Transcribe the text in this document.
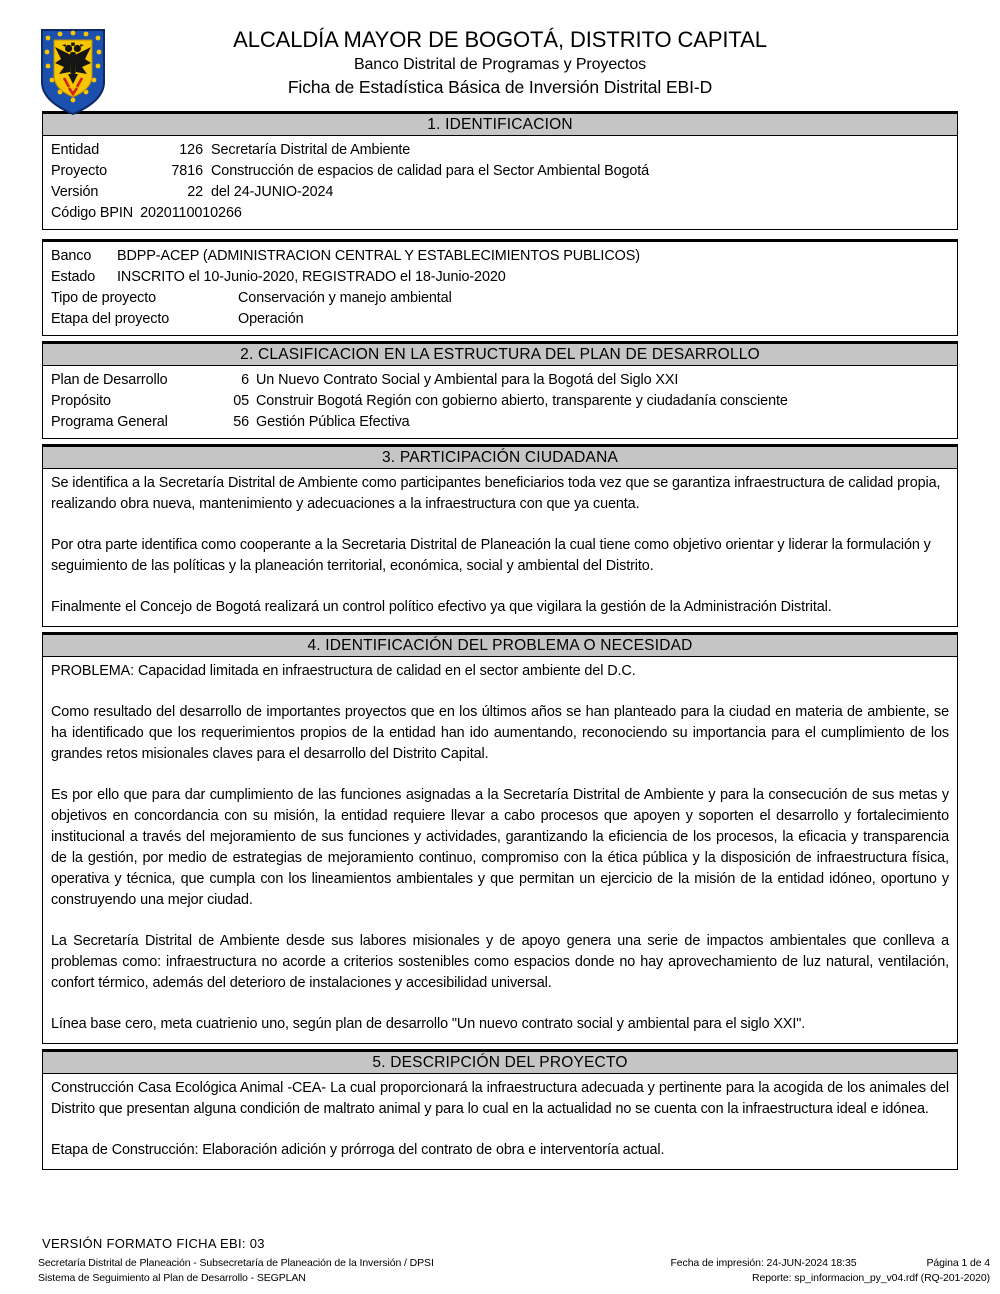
ALCALDÍA MAYOR DE BOGOTÁ, DISTRITO CAPITAL
Banco Distrital de Programas y Proyectos
Ficha de Estadística Básica de Inversión Distrital EBI-D
1. IDENTIFICACION
Entidad	126 Secretaría Distrital de Ambiente
Proyecto	7816 Construcción de espacios de calidad para el Sector Ambiental Bogotá
Versión	22 del 24-JUNIO-2024
Código BPIN 2020110010266
Banco	BDPP-ACEP (ADMINISTRACION CENTRAL Y ESTABLECIMIENTOS PUBLICOS)
Estado	INSCRITO el 10-Junio-2020, REGISTRADO el 18-Junio-2020
Tipo de proyecto	Conservación y manejo ambiental
Etapa del proyecto	Operación
2. CLASIFICACION EN LA ESTRUCTURA DEL PLAN DE DESARROLLO
Plan de Desarrollo	6 Un Nuevo Contrato Social y Ambiental para la Bogotá del Siglo XXI
Propósito	05 Construir Bogotá Región con gobierno abierto, transparente y ciudadanía consciente
Programa General	56 Gestión Pública Efectiva
3. PARTICIPACIÓN CIUDADANA

Se identifica a la Secretaría Distrital de Ambiente como participantes beneficiarios toda vez que se garantiza infraestructura de calidad propia, realizando obra nueva, mantenimiento y adecuaciones a la infraestructura con que ya cuenta.

Por otra parte identifica como cooperante a la Secretaria Distrital de Planeación la cual tiene como objetivo orientar y liderar la formulación y seguimiento de las políticas y la planeación territorial, económica, social y ambiental del Distrito.

Finalmente el Concejo de Bogotá realizará un control político efectivo ya que vigilara la gestión de la Administración Distrital.

4. IDENTIFICACIÓN DEL PROBLEMA O NECESIDAD

PROBLEMA: Capacidad limitada en infraestructura de calidad en el sector ambiente del D.C.

Como resultado del desarrollo de importantes proyectos que en los últimos años se han planteado para la ciudad en materia de ambiente, se ha identificado que los requerimientos propios de la entidad han ido aumentando, reconociendo su importancia para el cumplimiento de los grandes retos misionales claves para el desarrollo del Distrito Capital.

Es por ello que para dar cumplimiento de las funciones asignadas a la Secretaría Distrital de Ambiente y para la consecución de sus metas y objetivos en concordancia con su misión, la entidad requiere llevar a cabo procesos que apoyen y soporten el desarrollo y fortalecimiento institucional a través del mejoramiento de sus funciones y actividades, garantizando la eficiencia de los procesos, la eficacia y transparencia de la gestión, por medio de estrategias de mejoramiento continuo, compromiso con la ética pública y la disposición de infraestructura física, operativa y técnica, que cumpla con los lineamientos ambientales y que permitan un ejercicio de la misión de la entidad idóneo, oportuno y construyendo una mejor ciudad.

La Secretaría Distrital de Ambiente desde sus labores misionales y de apoyo genera una serie de impactos ambientales que conlleva a problemas como: infraestructura no acorde a criterios sostenibles como espacios donde no hay aprovechamiento de luz natural, ventilación, confort térmico, además del deterioro de instalaciones y accesibilidad universal.

Línea base cero, meta cuatrienio uno, según plan de desarrollo "Un nuevo contrato social y ambiental para el siglo XXI".

5. DESCRIPCIÓN DEL PROYECTO

Construcción Casa Ecológica Animal -CEA- La cual proporcionará la infraestructura adecuada y pertinente para la acogida de los animales del Distrito que presentan alguna condición de maltrato animal y para lo cual en la actualidad no se cuenta con la infraestructura ideal e idónea.

Etapa de Construcción: Elaboración adición y prórroga del contrato de obra e interventoría actual.

VERSIÓN FORMATO FICHA EBI: 03
Secretaría Distrital de Planeación - Subsecretaría de Planeación de la Inversión / DPSI
Sistema de Seguimiento al Plan de Desarrollo - SEGPLAN
Fecha de impresión: 24-JUN-2024 18:35	Página 1 de 4
Reporte: sp_informacion_py_v04.rdf (RQ-201-2020)
